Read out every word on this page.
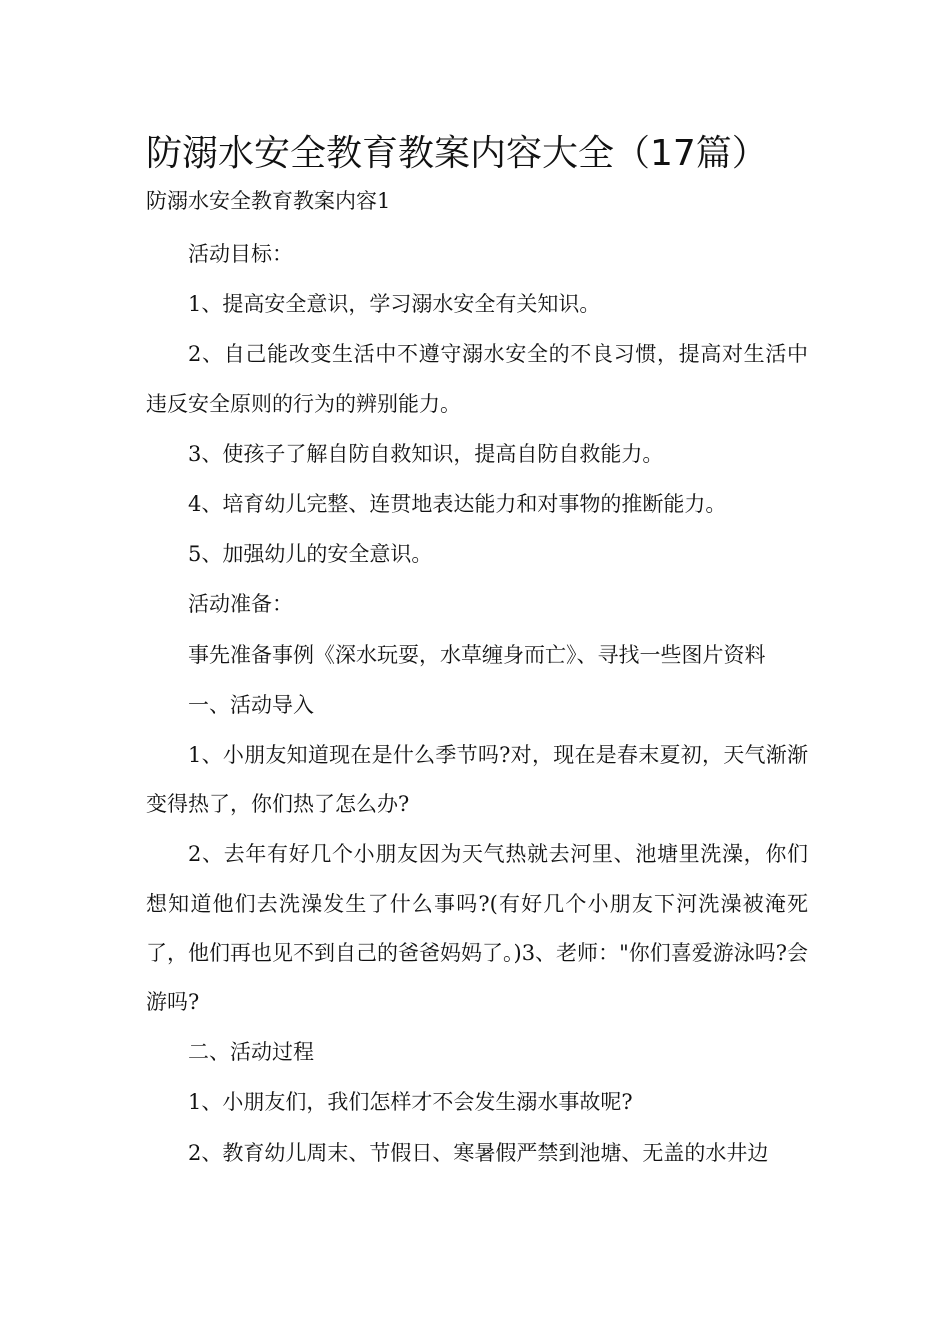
防溺水安全教育教案内容大全（17篇）
防溺水安全教育教案内容1

活动目标：

1、提高安全意识，学习溺水安全有关知识。

2、自己能改变生活中不遵守溺水安全的不良习惯，提高对生活中违反安全原则的行为的辨别能力。

3、使孩子了解自防自救知识，提高自防自救能力。

4、培育幼儿完整、连贯地表达能力和对事物的推断能力。

5、加强幼儿的安全意识。

活动准备：

事先准备事例《深水玩耍，水草缠身而亡》、寻找一些图片资料

一、活动导入

1、小朋友知道现在是什么季节吗?对，现在是春末夏初，天气渐渐变得热了，你们热了怎么办?

2、去年有好几个小朋友因为天气热就去河里、池塘里洗澡，你们想知道他们去洗澡发生了什么事吗?(有好几个小朋友下河洗澡被淹死了，他们再也见不到自己的爸爸妈妈了。)3、老师："你们喜爱游泳吗?会游吗?

二、活动过程

1、小朋友们，我们怎样才不会发生溺水事故呢?

2、教育幼儿周末、节假日、寒暑假严禁到池塘、无盖的水井边
